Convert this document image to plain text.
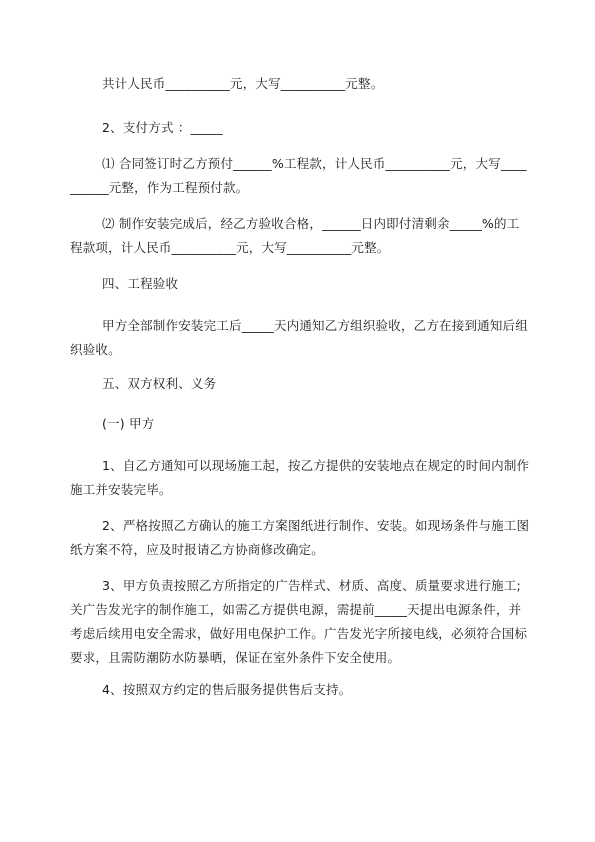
共计人民币__________元，大写__________元整。

2、支付方式 ：_____

⑴ 合同签订时乙方预付______%工程款，计人民币__________元，大写__________元整，作为工程预付款。

⑵ 制作安装完成后，经乙方验收合格，______日内即付清剩余_____%的工程款项，计人民币__________元，大写__________元整。

四、工程验收

甲方全部制作安装完工后_____天内通知乙方组织验收，乙方在接到通知后组织验收。

五、双方权利、义务

(一) 甲方

1、自乙方通知可以现场施工起，按乙方提供的安装地点在规定的时间内制作施工并安装完毕。

2、严格按照乙方确认的施工方案图纸进行制作、安装。如现场条件与施工图纸方案不符，应及时报请乙方协商修改确定。

3、甲方负责按照乙方所指定的广告样式、材质、高度、质量要求进行施工;关广告发光字的制作施工，如需乙方提供电源，需提前_____天提出电源条件，并考虑后续用电安全需求，做好用电保护工作。广告发光字所接电线，必须符合国标要求，且需防潮防水防暴晒，保证在室外条件下安全使用。

4、按照双方约定的售后服务提供售后支持。
